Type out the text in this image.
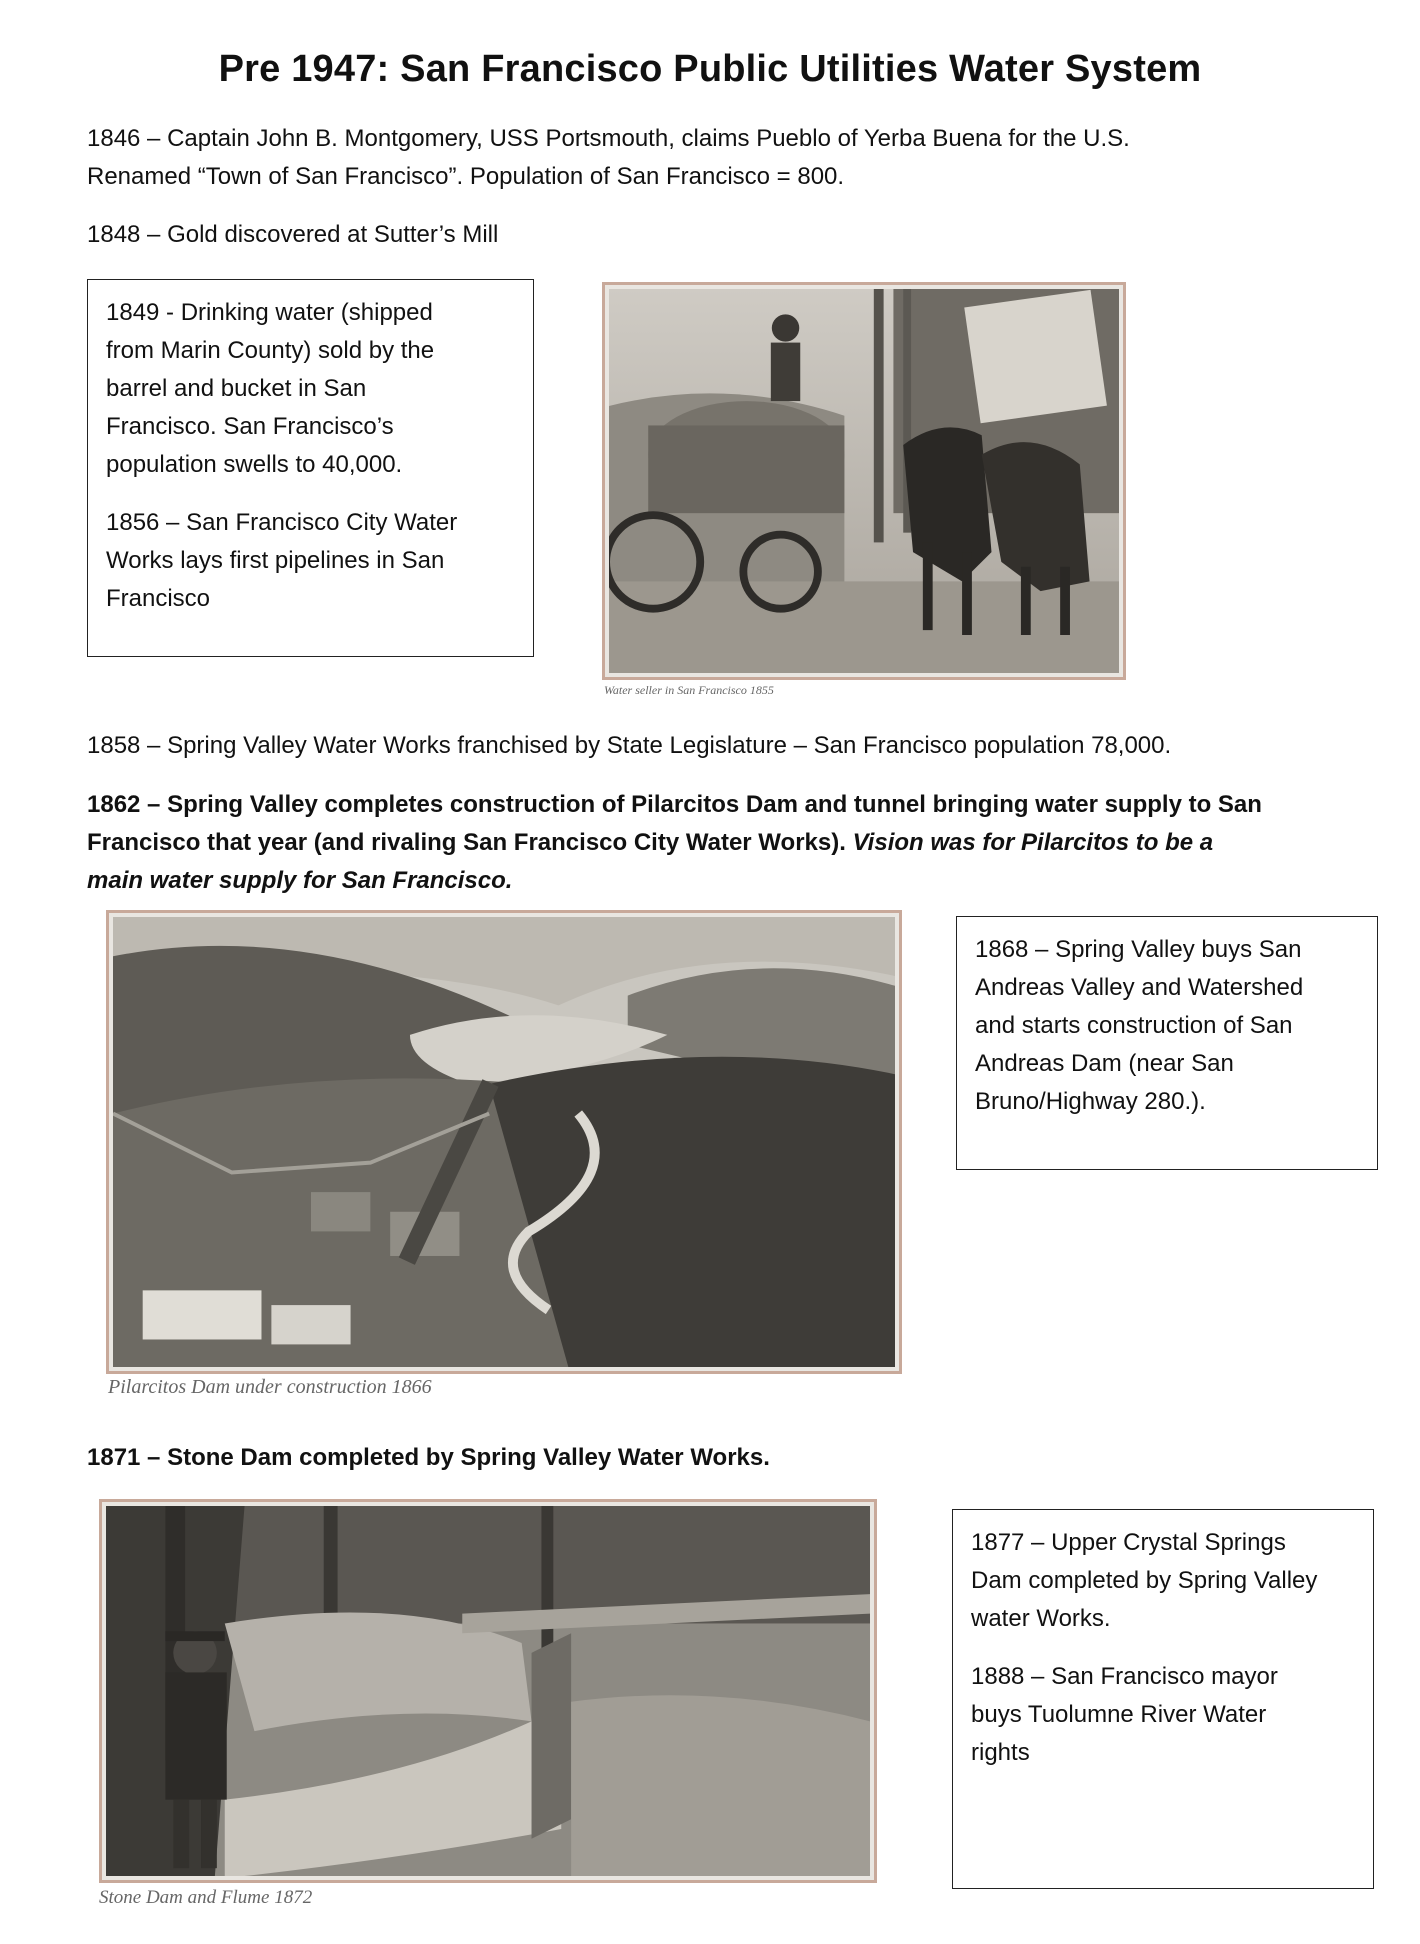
Pre 1947: San Francisco Public Utilities Water System
1846 – Captain John B. Montgomery, USS Portsmouth, claims Pueblo of Yerba Buena for the U.S.
Renamed “Town of San Francisco”. Population of San Francisco = 800.
1848 – Gold discovered at Sutter’s Mill

1849 - Drinking water (shipped
from Marin County) sold by the
barrel and bucket in San
Francisco. San Francisco’s
population swells to 40,000.

1856 – San Francisco City Water
Works lays first pipelines in San
Francisco

Water seller in San Francisco 1855
1858 – Spring Valley Water Works franchised by State Legislature – San Francisco population 78,000.
1862 – Spring Valley completes construction of Pilarcitos Dam and tunnel bringing water supply to San
Francisco that year (and rivaling San Francisco City Water Works). Vision was for Pilarcitos to be a
main water supply for San Francisco.
Pilarcitos Dam under construction 1866

1868 – Spring Valley buys San
Andreas Valley and Watershed
and starts construction of San
Andreas Dam (near San
Bruno/Highway 280.).

1871 – Stone Dam completed by Spring Valley Water Works.
Stone Dam and Flume 1872

1877 – Upper Crystal Springs
Dam completed by Spring Valley
water Works.

1888 – San Francisco mayor
buys Tuolumne River Water
rights
